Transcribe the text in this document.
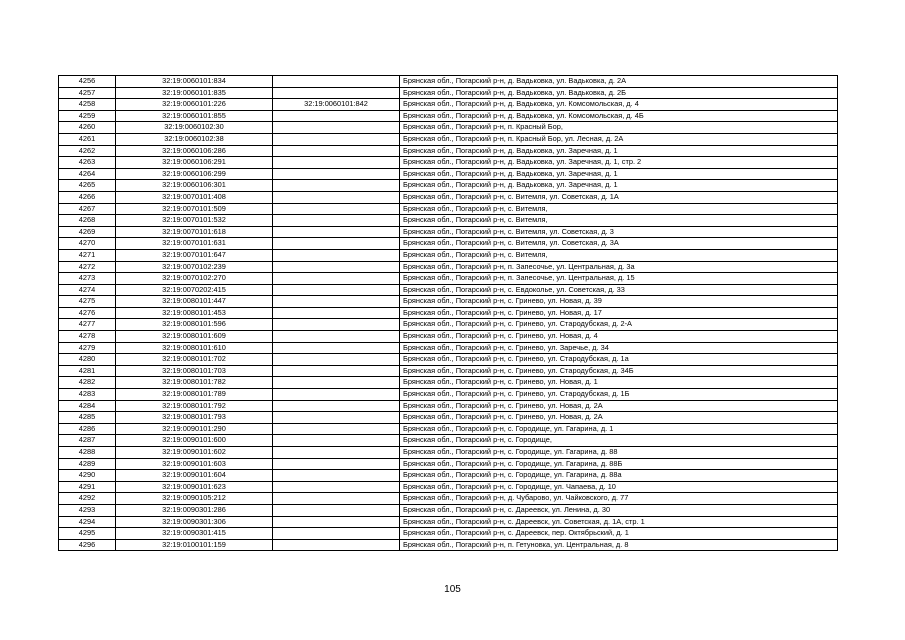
4256	32:19:0060101:834		Брянская обл., Погарский р-н, д. Вадьковка, ул. Вадьковка, д. 2А
4257	32:19:0060101:835		Брянская обл., Погарский р-н, д. Вадьковка, ул. Вадьковка, д. 2Б
4258	32:19:0060101:226	32:19:0060101:842	Брянская обл., Погарский р-н, д. Вадьковка, ул. Комсомольская, д. 4
4259	32:19:0060101:855		Брянская обл., Погарский р-н, д. Вадьковка, ул. Комсомольская, д. 4Б
4260	32:19:0060102:30		Брянская обл., Погарский р-н, п. Красный Бор,
4261	32:19:0060102:38		Брянская обл., Погарский р-н, п. Красный Бор, ул. Лесная, д. 2А
4262	32:19:0060106:286		Брянская обл., Погарский р-н, д. Вадьковка, ул. Заречная, д. 1
4263	32:19:0060106:291		Брянская обл., Погарский р-н, д. Вадьковка, ул. Заречная, д. 1, стр. 2
4264	32:19:0060106:299		Брянская обл., Погарский р-н, д. Вадьковка, ул. Заречная, д. 1
4265	32:19:0060106:301		Брянская обл., Погарский р-н, д. Вадьковка, ул. Заречная, д. 1
4266	32:19:0070101:408		Брянская обл., Погарский р-н, с. Витемля, ул. Советская, д. 1А
4267	32:19:0070101:509		Брянская обл., Погарский р-н, с. Витемля,
4268	32:19:0070101:532		Брянская обл., Погарский р-н, с. Витемля,
4269	32:19:0070101:618		Брянская обл., Погарский р-н, с. Витемля, ул. Советская, д. 3
4270	32:19:0070101:631		Брянская обл., Погарский р-н, с. Витемля, ул. Советская, д. 3А
4271	32:19:0070101:647		Брянская обл., Погарский р-н, с. Витемля,
4272	32:19:0070102:239		Брянская обл., Погарский р-н, п. Запесочье, ул. Центральная, д. 3а
4273	32:19:0070102:270		Брянская обл., Погарский р-н, п. Запесочье, ул. Центральная, д. 15
4274	32:19:0070202:415		Брянская обл., Погарский р-н, с. Евдоколье, ул. Советская, д. 33
4275	32:19:0080101:447		Брянская обл., Погарский р-н, с. Гринево, ул. Новая, д. 39
4276	32:19:0080101:453		Брянская обл., Погарский р-н, с. Гринево, ул. Новая, д. 17
4277	32:19:0080101:596		Брянская обл., Погарский р-н, с. Гринево, ул. Стародубская, д. 2-А
4278	32:19:0080101:609		Брянская обл., Погарский р-н, с. Гринево, ул. Новая, д. 4
4279	32:19:0080101:610		Брянская обл., Погарский р-н, с. Гринево, ул. Заречье, д. 34
4280	32:19:0080101:702		Брянская обл., Погарский р-н, с. Гринево, ул. Стародубская, д. 1а
4281	32:19:0080101:703		Брянская обл., Погарский р-н, с. Гринево, ул. Стародубская, д. 34Б
4282	32:19:0080101:782		Брянская обл., Погарский р-н, с. Гринево, ул. Новая, д. 1
4283	32:19:0080101:789		Брянская обл., Погарский р-н, с. Гринево, ул. Стародубская, д. 1Б
4284	32:19:0080101:792		Брянская обл., Погарский р-н, с. Гринево, ул. Новая, д. 2А
4285	32:19:0080101:793		Брянская обл., Погарский р-н, с. Гринево, ул. Новая, д. 2А
4286	32:19:0090101:290		Брянская обл., Погарский р-н, с. Городище, ул. Гагарина, д. 1
4287	32:19:0090101:600		Брянская обл., Погарский р-н, с. Городище,
4288	32:19:0090101:602		Брянская обл., Погарский р-н, с. Городище, ул. Гагарина, д. 88
4289	32:19:0090101:603		Брянская обл., Погарский р-н, с. Городище, ул. Гагарина, д. 88Б
4290	32:19:0090101:604		Брянская обл., Погарский р-н, с. Городище, ул. Гагарина, д. 88а
4291	32:19:0090101:623		Брянская обл., Погарский р-н, с. Городище, ул. Чапаева, д. 10
4292	32:19:0090105:212		Брянская обл., Погарский р-н, д. Чубарово, ул. Чайковского, д. 77
4293	32:19:0090301:286		Брянская обл., Погарский р-н, с. Дареевск, ул. Ленина, д. 30
4294	32:19:0090301:306		Брянская обл., Погарский р-н, с. Дареевск, ул. Советская, д. 1А, стр. 1
4295	32:19:0090301:415		Брянская обл., Погарский р-н, с. Дареевск, пер. Октябрьский, д. 1
4296	32:19:0100101:159		Брянская обл., Погарский р-н, п. Гетуновка, ул. Центральная, д. 8
105
